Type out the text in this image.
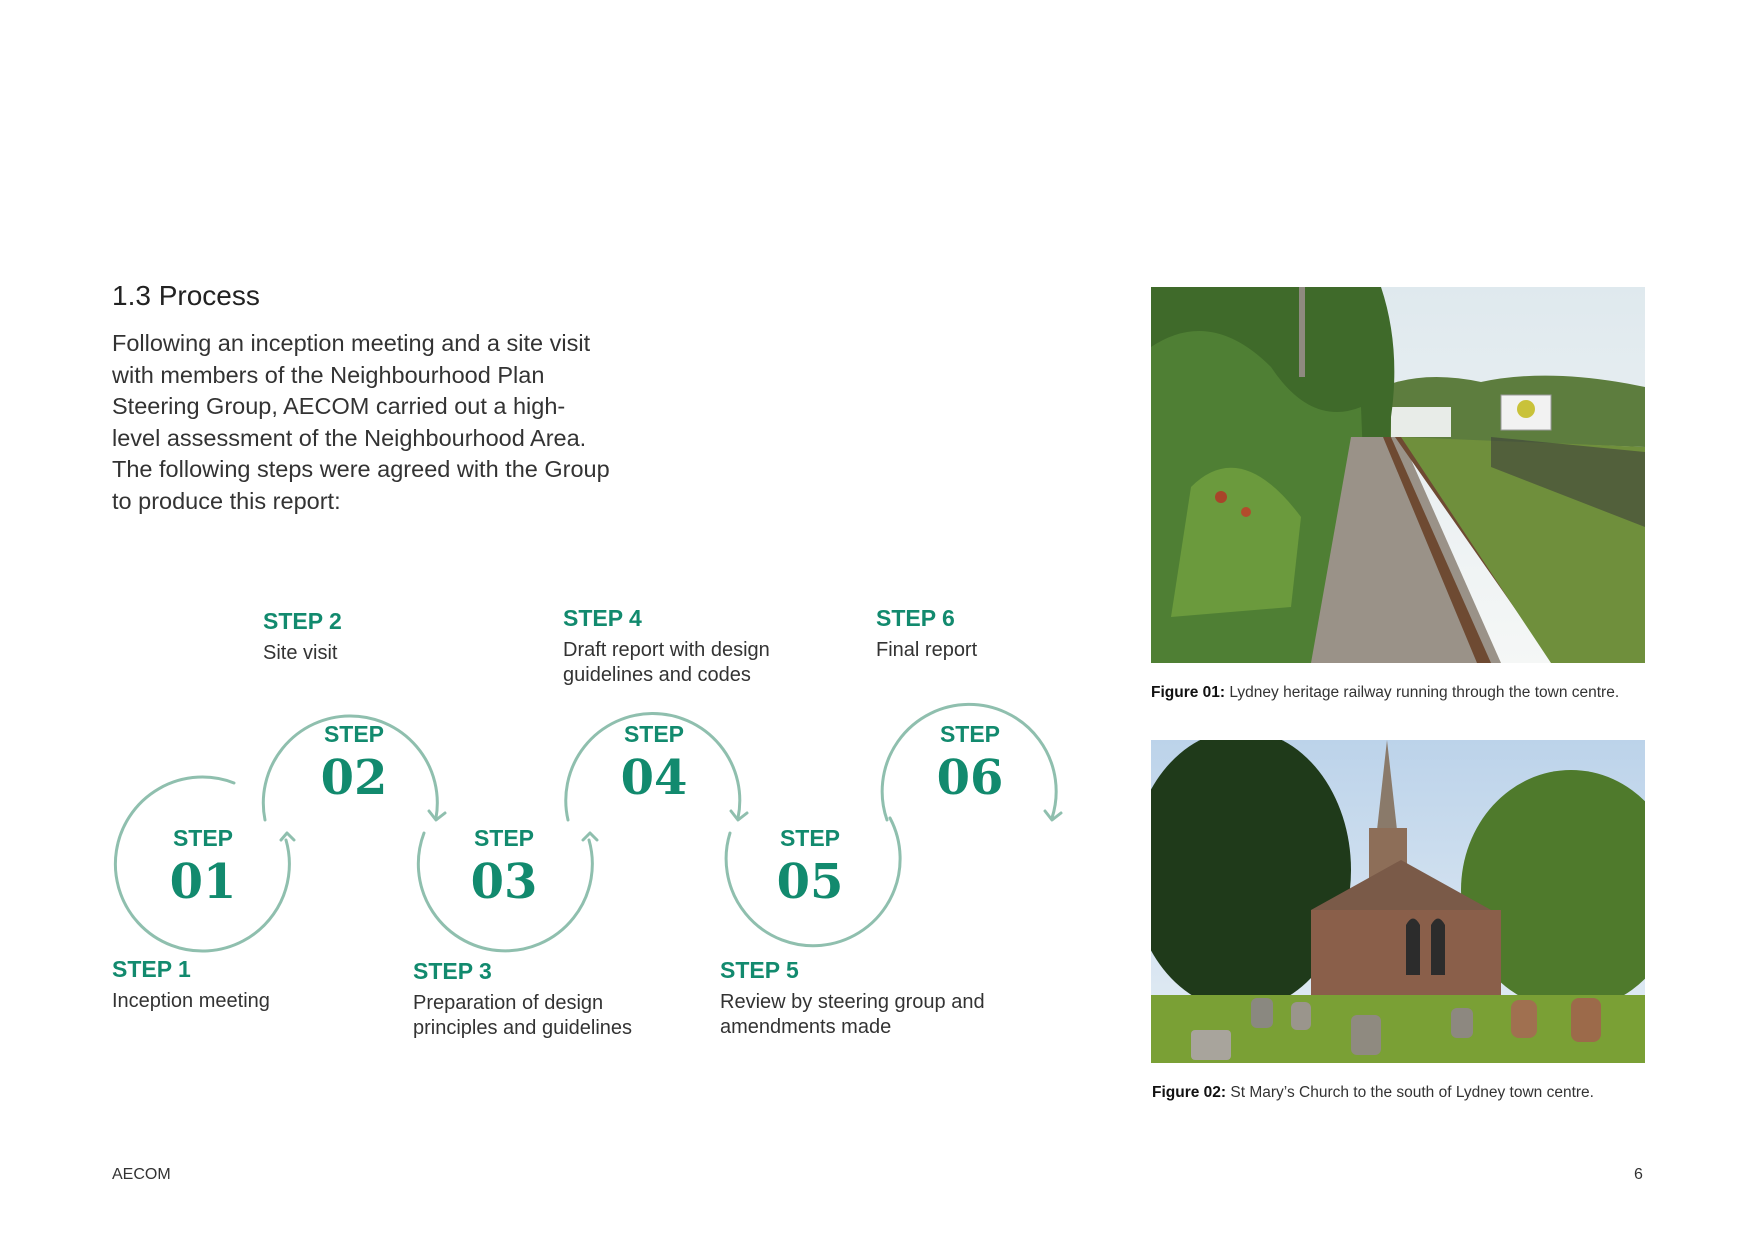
1.3 Process
Following an inception meeting and a site visit with members of the Neighbourhood Plan Steering Group, AECOM carried out a high-level assessment of the Neighbourhood Area. The following steps were agreed with the Group to produce this report:
STEP
01
STEP
02
STEP
03
STEP
04
STEP
05
STEP
06
STEP 1
Inception meeting
STEP 2
Site visit
STEP 3
Preparation of design principles and guidelines
STEP 4
Draft report with design guidelines and codes
STEP 5
Review by steering group and amendments made
STEP 6
Final report
Figure 01: Lydney heritage railway running through the town centre.
Figure 02: St Mary’s Church to the south of Lydney town centre.
AECOM	6
